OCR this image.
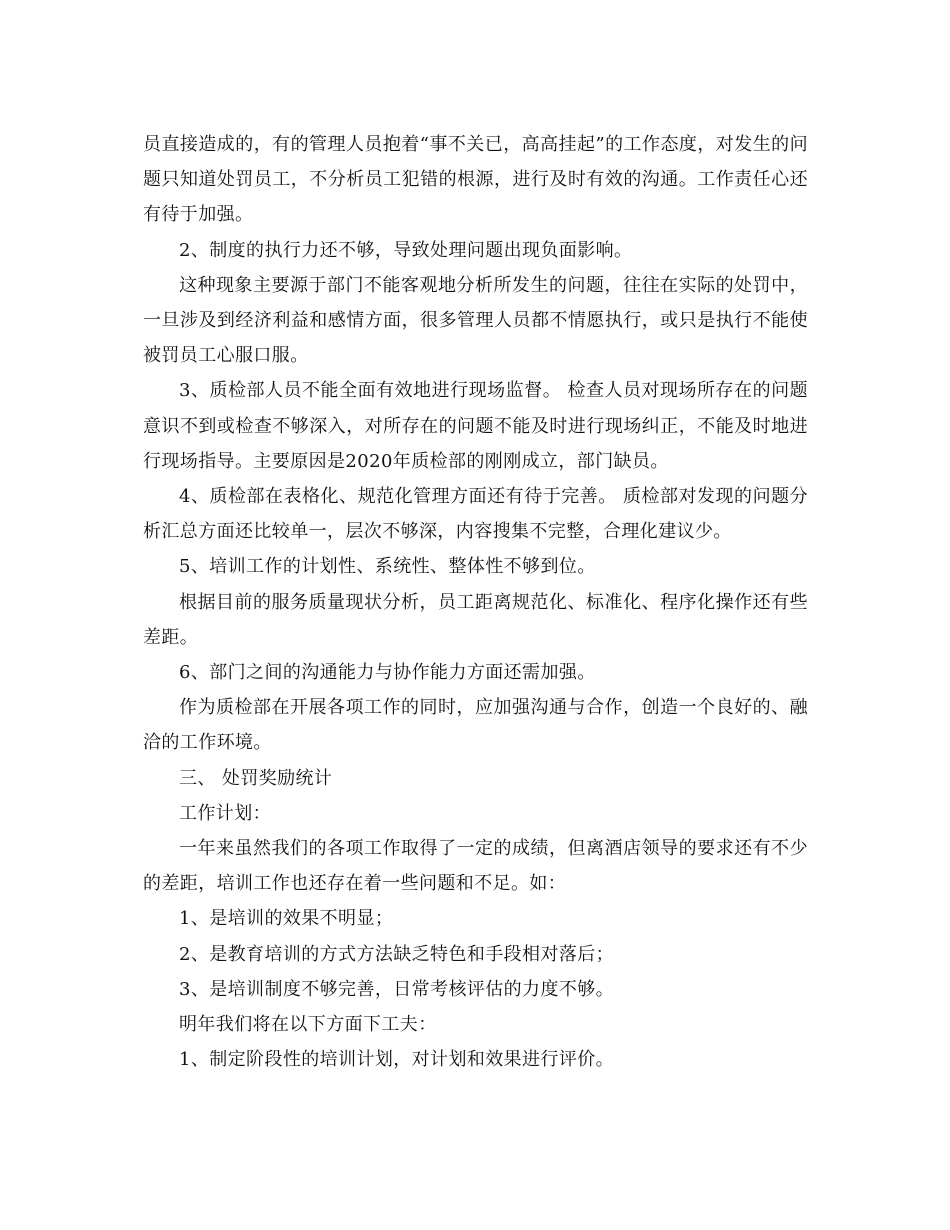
员直接造成的，有的管理人员抱着“事不关已，高高挂起”的工作态度，对发生的问题只知道处罚员工，不分析员工犯错的根源，进行及时有效的沟通。工作责任心还有待于加强。

2、制度的执行力还不够，导致处理问题出现负面影响。

这种现象主要源于部门不能客观地分析所发生的问题，往往在实际的处罚中，一旦涉及到经济利益和感情方面，很多管理人员都不情愿执行，或只是执行不能使被罚员工心服口服。

3、质检部人员不能全面有效地进行现场监督。 检查人员对现场所存在的问题意识不到或检查不够深入，对所存在的问题不能及时进行现场纠正，不能及时地进行现场指导。主要原因是2020年质检部的刚刚成立，部门缺员。

4、质检部在表格化、规范化管理方面还有待于完善。 质检部对发现的问题分析汇总方面还比较单一，层次不够深，内容搜集不完整，合理化建议少。

5、培训工作的计划性、系统性、整体性不够到位。

根据目前的服务质量现状分析，员工距离规范化、标准化、程序化操作还有些差距。

6、部门之间的沟通能力与协作能力方面还需加强。

作为质检部在开展各项工作的同时，应加强沟通与合作，创造一个良好的、融洽的工作环境。

三、 处罚奖励统计

工作计划：

一年来虽然我们的各项工作取得了一定的成绩，但离酒店领导的要求还有不少的差距，培训工作也还存在着一些问题和不足。如：

1、是培训的效果不明显；

2、是教育培训的方式方法缺乏特色和手段相对落后；

3、是培训制度不够完善，日常考核评估的力度不够。

明年我们将在以下方面下工夫：

1、制定阶段性的培训计划，对计划和效果进行评价。
